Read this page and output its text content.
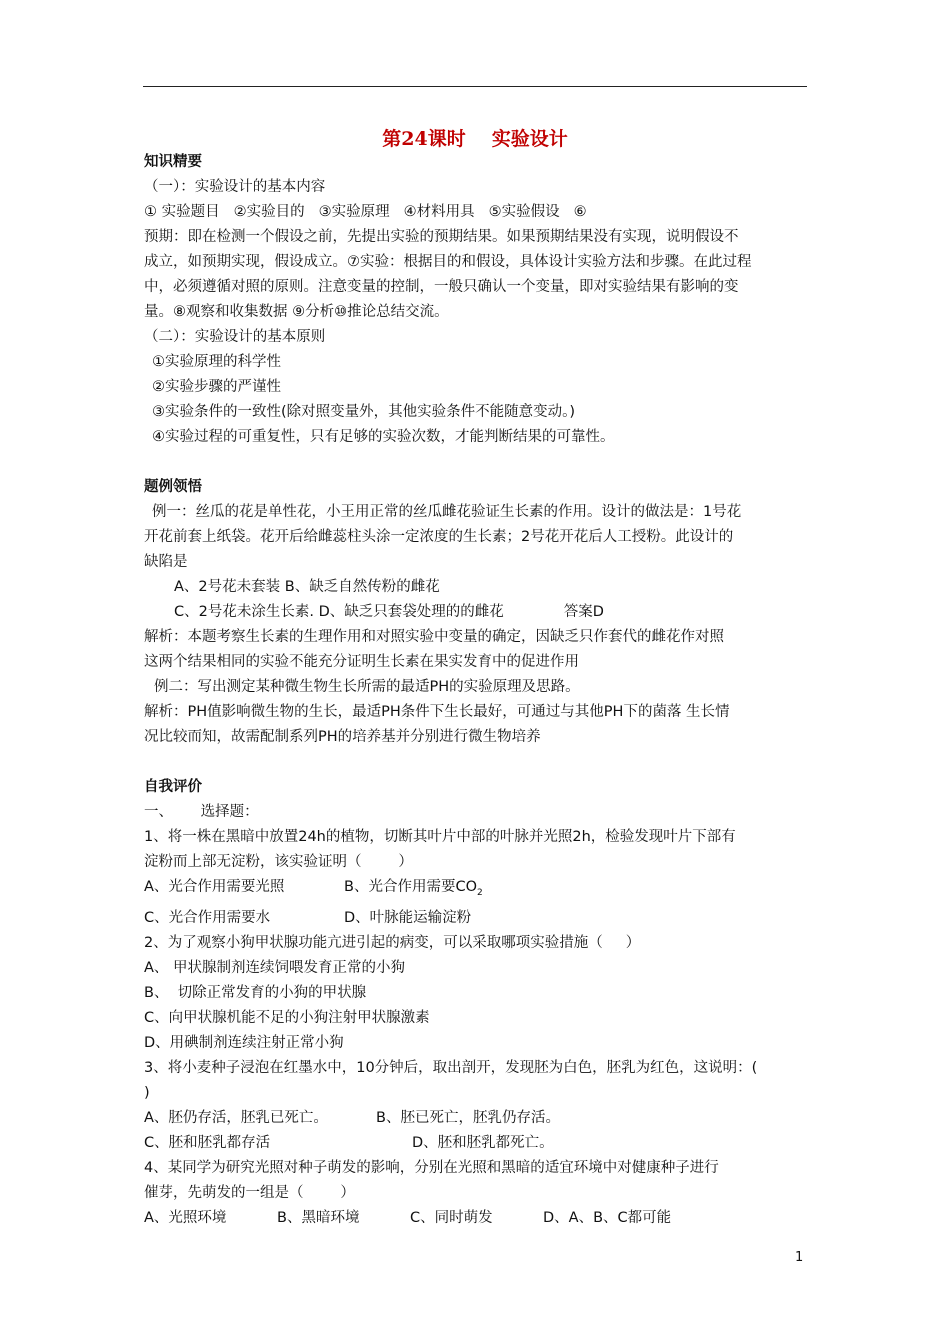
第24课时 实验设计

知识精要

（一）：实验设计的基本内容

① 实验题目 ②实验目的 ③实验原理 ④材料用具 ⑤实验假设 ⑥

预期：即在检测一个假设之前，先提出实验的预期结果。如果预期结果没有实现，说明假设不

成立，如预期实现，假设成立。⑦实验：根据目的和假设，具体设计实验方法和步骤。在此过程

中，必须遵循对照的原则。注意变量的控制，一般只确认一个变量，即对实验结果有影响的变

量。⑧观察和收集数据 ⑨分析⑩推论总结交流。

（二）：实验设计的基本原则

①实验原理的科学性

②实验步骤的严谨性

③实验条件的一致性(除对照变量外，其他实验条件不能随意变动。)

④实验过程的可重复性，只有足够的实验次数，才能判断结果的可靠性。

题例领悟

例一：丝瓜的花是单性花，小王用正常的丝瓜雌花验证生长素的作用。设计的做法是：1号花

开花前套上纸袋。花开后给雌蕊柱头涂一定浓度的生长素；2号花开花后人工授粉。此设计的

缺陷是

A、2号花未套装 B、缺乏自然传粉的雌花

C、2号花未涂生长素. D、缺乏只套袋处理的的雌花	答案D

解析：本题考察生长素的生理作用和对照实验中变量的确定，因缺乏只作套代的雌花作对照

这两个结果相同的实验不能充分证明生长素在果实发育中的促进作用

例二：写出测定某种微生物生长所需的最适PH的实验原理及思路。

解析：PH值影响微生物的生长，最适PH条件下生长最好，可通过与其他PH下的菌落 生长情

况比较而知，故需配制系列PH的培养基并分别进行微生物培养

自我评价

一、      选择题：

1、将一株在黑暗中放置24h的植物，切断其叶片中部的叶脉并光照2h，检验发现叶片下部有

淀粉而上部无淀粉，该实验证明（        ）

A、光合作用需要光照	B、光合作用需要$CO_2$

C、光合作用需要水	D、叶脉能运输淀粉

2、为了观察小狗甲状腺功能亢进引起的病变，可以采取哪项实验措施（     ）

A、 甲状腺制剂连续饲喂发育正常的小狗

B、  切除正常发育的小狗的甲状腺

C、向甲状腺机能不足的小狗注射甲状腺激素

D、用碘制剂连续注射正常小狗

3、将小麦种子浸泡在红墨水中，10分钟后，取出剖开，发现胚为白色，胚乳为红色，这说明：(

)

A、胚仍存活，胚乳已死亡。	B、胚已死亡，胚乳仍存活。

C、胚和胚乳都存活	D、胚和胚乳都死亡。

4、某同学为研究光照对种子萌发的影响，分别在光照和黑暗的适宜环境中对健康种子进行

催芽，先萌发的一组是（        ）

A、光照环境	B、黑暗环境	C、同时萌发	D、A、B、C都可能

1
